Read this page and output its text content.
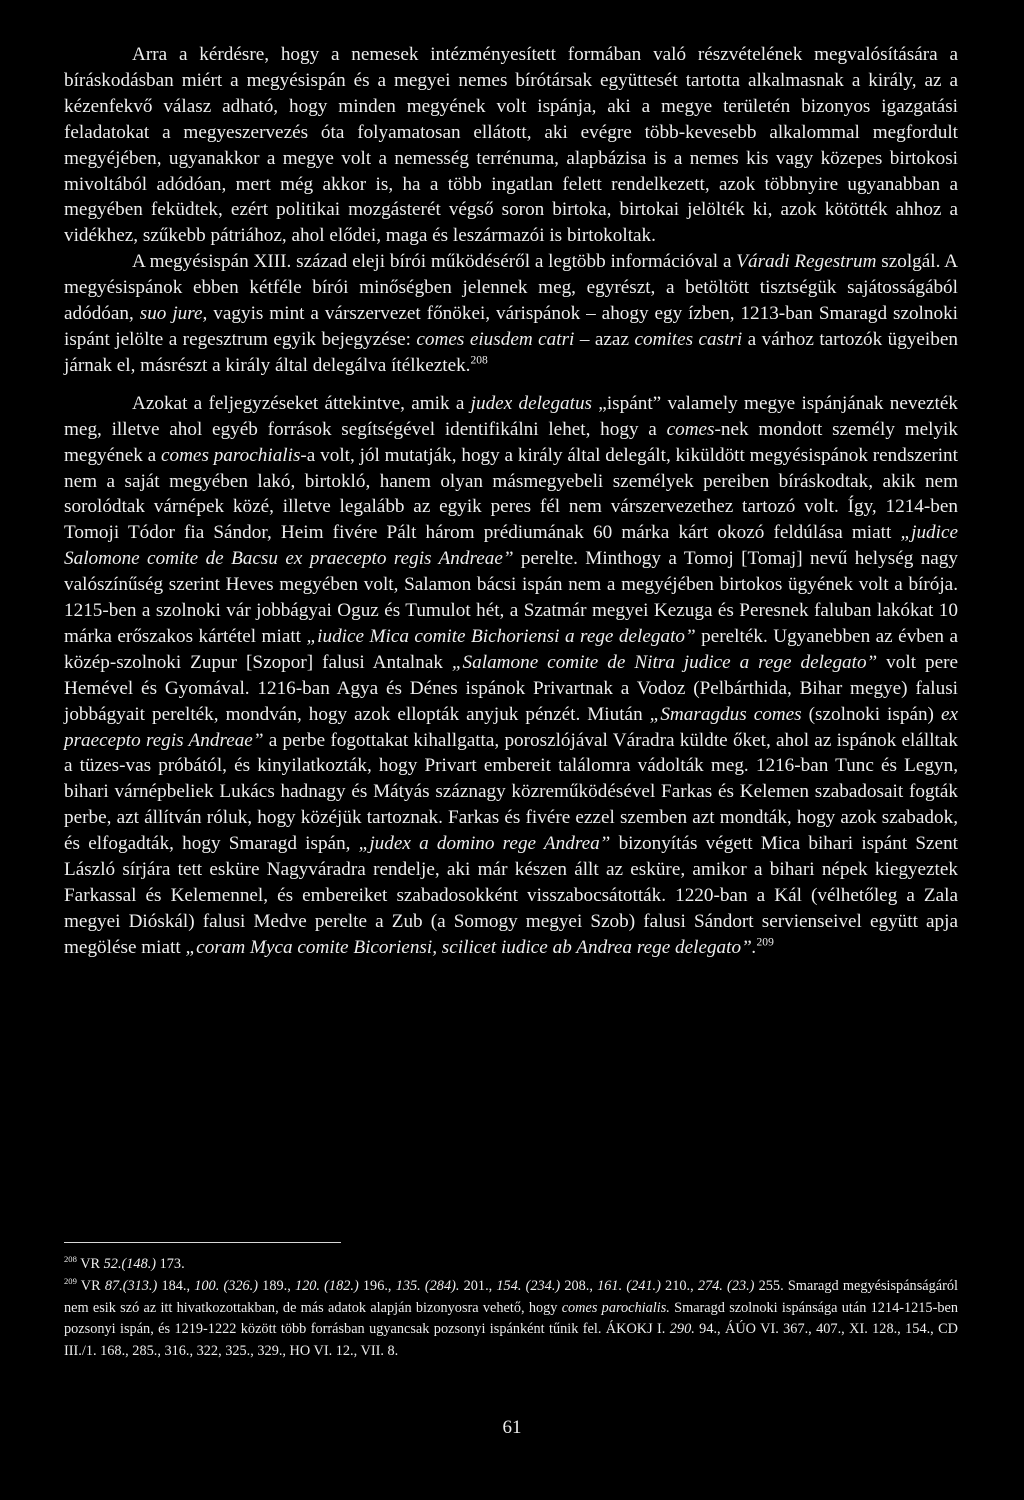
Arra a kérdésre, hogy a nemesek intézményesített formában való részvételének megvalósítására a bíráskodásban miért a megyésispán és a megyei nemes bírótársak együttesét tartotta alkalmasnak a király, az a kézenfekvő válasz adható, hogy minden megyének volt ispánja, aki a megye területén bizonyos igazgatási feladatokat a megyeszervezés óta folyamatosan ellátott, aki evégre több-kevesebb alkalommal megfordult megyéjében, ugyanakkor a megye volt a nemesség terrénuma, alapbázisa is a nemes kis vagy közepes birtokosi mivoltából adódóan, mert még akkor is, ha a több ingatlan felett rendelkezett, azok többnyire ugyanabban a megyében feküdtek, ezért politikai mozgásterét végső soron birtoka, birtokai jelölték ki, azok kötötték ahhoz a vidékhez, szűkebb pátriához, ahol elődei, maga és leszármazói is birtokoltak.

A megyésispán XIII. század eleji bírói működéséről a legtöbb információval a Váradi Regestrum szolgál. A megyésispánok ebben kétféle bírói minőségben jelennek meg, egyrészt, a betöltött tisztségük sajátosságából adódóan, suo jure, vagyis mint a várszervezet főnökei, várispánok – ahogy egy ízben, 1213-ban Smaragd szolnoki ispánt jelölte a regesztrum egyik bejegyzése: comes eiusdem catri – azaz comites castri a várhoz tartozók ügyeiben járnak el, másrészt a király által delegálva ítélkeztek.$^{208}$

Azokat a feljegyzéseket áttekintve, amik a judex delegatus „ispánt” valamely megye ispánjának nevezték meg, illetve ahol egyéb források segítségével identifikálni lehet, hogy a comes-nek mondott személy melyik megyének a comes parochialis-a volt, jól mutatják, hogy a király által delegált, kiküldött megyésispánok rendszerint nem a saját megyében lakó, birtokló, hanem olyan másmegyebeli személyek pereiben bíráskodtak, akik nem sorolódtak várnépek közé, illetve legalább az egyik peres fél nem várszervezethez tartozó volt. Így, 1214-ben Tomoji Tódor fia Sándor, Heim fivére Pált három prédiumának 60 márka kárt okozó feldúlása miatt „judice Salomone comite de Bacsu ex praecepto regis Andreae” perelte. Minthogy a Tomoj [Tomaj] nevű helység nagy valószínűség szerint Heves megyében volt, Salamon bácsi ispán nem a megyéjében birtokos ügyének volt a bírója. 1215-ben a szolnoki vár jobbágyai Oguz és Tumulot hét, a Szatmár megyei Kezuga és Peresnek faluban lakókat 10 márka erőszakos kártétel miatt „iudice Mica comite Bichoriensi a rege delegato” perelték. Ugyanebben az évben a közép-szolnoki Zupur [Szopor] falusi Antalnak „Salamone comite de Nitra judice a rege delegato” volt pere Hemével és Gyomával. 1216-ban Agya és Dénes ispánok Privartnak a Vodoz (Pelbárthida, Bihar megye) falusi jobbágyait perelték, mondván, hogy azok ellopták anyjuk pénzét. Miután „Smaragdus comes (szolnoki ispán) ex praecepto regis Andreae” a perbe fogottakat kihallgatta, poroszlójával Váradra küldte őket, ahol az ispánok elálltak a tüzes-vas próbától, és kinyilatkozták, hogy Privart embereit találomra vádolták meg. 1216-ban Tunc és Legyn, bihari várnépbeliek Lukács hadnagy és Mátyás száznagy közreműködésével Farkas és Kelemen szabadosait fogták perbe, azt állítván róluk, hogy közéjük tartoznak. Farkas és fivére ezzel szemben azt mondták, hogy azok szabadok, és elfogadták, hogy Smaragd ispán, „judex a domino rege Andrea” bizonyítás végett Mica bihari ispánt Szent László sírjára tett esküre Nagyváradra rendelje, aki már készen állt az esküre, amikor a bihari népek kiegyeztek Farkassal és Kelemennel, és embereiket szabadosokként visszabocsátották. 1220-ban a Kál (vélhetőleg a Zala megyei Dióskál) falusi Medve perelte a Zub (a Somogy megyei Szob) falusi Sándort servienseivel együtt apja megölése miatt „coram Myca comite Bicoriensi, scilicet iudice ab Andrea rege delegato”.$^{209}$

$^{208}$ VR 52.(148.) 173.

$^{209}$ VR 87.(313.) 184., 100. (326.) 189., 120. (182.) 196., 135. (284). 201., 154. (234.) 208., 161. (241.) 210., 274. (23.) 255. Smaragd megyésispánságáról nem esik szó az itt hivatkozottakban, de más adatok alapján bizonyosra vehető, hogy comes parochialis. Smaragd szolnoki ispánsága után 1214-1215-ben pozsonyi ispán, és 1219-1222 között több forrásban ugyancsak pozsonyi ispánként tűnik fel. ÁKOKJ I. 290. 94., ÁÚO VI. 367., 407., XI. 128., 154., CD III./1. 168., 285., 316., 322, 325., 329., HO VI. 12., VII. 8.

61
